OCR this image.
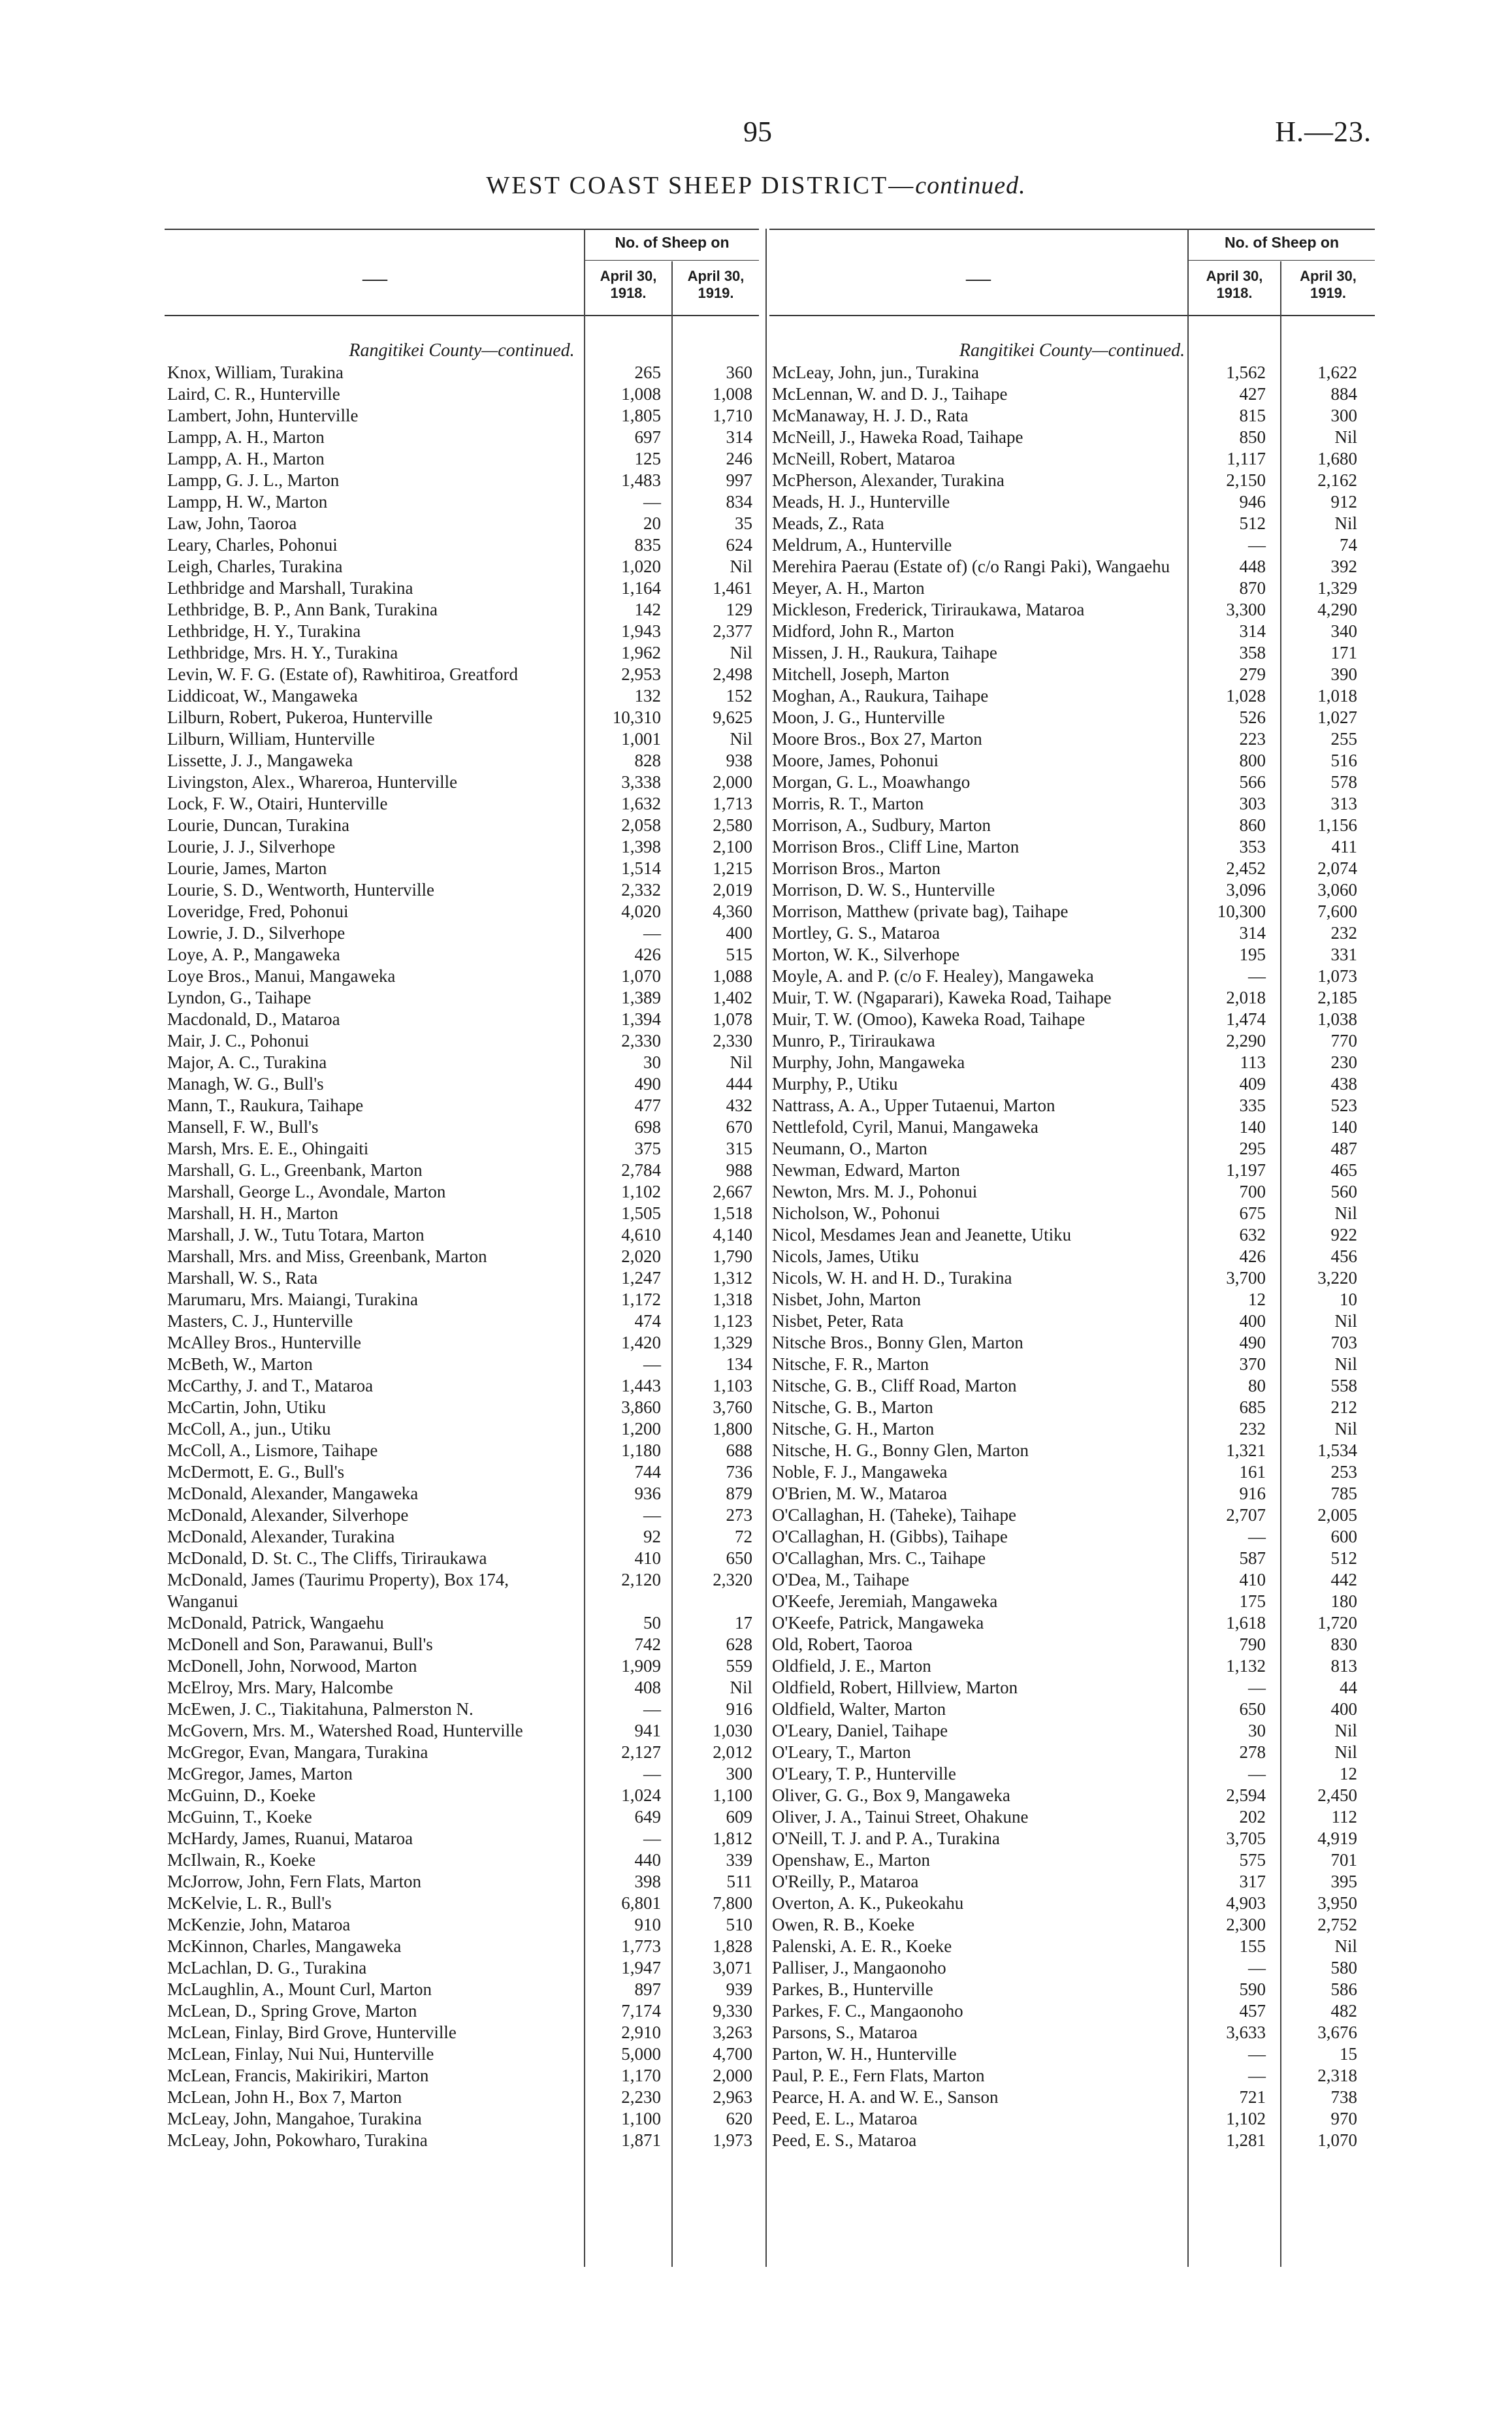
95	H.—23.
WEST COAST SHEEP DISTRICT—continued.
—
No. of Sheep on
April 30, 1918.
April 30, 1919.
Rangitikei County—continued.
Knox, William, Turakina	265	360
Laird, C. R., Hunterville	1,008	1,008
Lambert, John, Hunterville	1,805	1,710
Lampp, A. H., Marton	697	314
Lampp, A. H., Marton	125	246
Lampp, G. J. L., Marton	1,483	997
Lampp, H. W., Marton	—	834
Law, John, Taoroa	20	35
Leary, Charles, Pohonui	835	624
Leigh, Charles, Turakina	1,020	Nil
Lethbridge and Marshall, Turakina	1,164	1,461
Lethbridge, B. P., Ann Bank, Turakina	142	129
Lethbridge, H. Y., Turakina	1,943	2,377
Lethbridge, Mrs. H. Y., Turakina	1,962	Nil
Levin, W. F. G. (Estate of), Rawhitiroa, Greatford	2,953	2,498
Liddicoat, W., Mangaweka	132	152
Lilburn, Robert, Pukeroa, Hunterville	10,310	9,625
Lilburn, William, Hunterville	1,001	Nil
Lissette, J. J., Mangaweka	828	938
Livingston, Alex., Whareroa, Hunterville	3,338	2,000
Lock, F. W., Otairi, Hunterville	1,632	1,713
Lourie, Duncan, Turakina	2,058	2,580
Lourie, J. J., Silverhope	1,398	2,100
Lourie, James, Marton	1,514	1,215
Lourie, S. D., Wentworth, Hunterville	2,332	2,019
Loveridge, Fred, Pohonui	4,020	4,360
Lowrie, J. D., Silverhope	—	400
Loye, A. P., Mangaweka	426	515
Loye Bros., Manui, Mangaweka	1,070	1,088
Lyndon, G., Taihape	1,389	1,402
Macdonald, D., Mataroa	1,394	1,078
Mair, J. C., Pohonui	2,330	2,330
Major, A. C., Turakina	30	Nil
Managh, W. G., Bull's	490	444
Mann, T., Raukura, Taihape	477	432
Mansell, F. W., Bull's	698	670
Marsh, Mrs. E. E., Ohingaiti	375	315
Marshall, G. L., Greenbank, Marton	2,784	988
Marshall, George L., Avondale, Marton	1,102	2,667
Marshall, H. H., Marton	1,505	1,518
Marshall, J. W., Tutu Totara, Marton	4,610	4,140
Marshall, Mrs. and Miss, Greenbank, Marton	2,020	1,790
Marshall, W. S., Rata	1,247	1,312
Marumaru, Mrs. Maiangi, Turakina	1,172	1,318
Masters, C. J., Hunterville	474	1,123
McAlley Bros., Hunterville	1,420	1,329
McBeth, W., Marton	—	134
McCarthy, J. and T., Mataroa	1,443	1,103
McCartin, John, Utiku	3,860	3,760
McColl, A., jun., Utiku	1,200	1,800
McColl, A., Lismore, Taihape	1,180	688
McDermott, E. G., Bull's	744	736
McDonald, Alexander, Mangaweka	936	879
McDonald, Alexander, Silverhope	—	273
McDonald, Alexander, Turakina	92	72
McDonald, D. St. C., The Cliffs, Tiriraukawa	410	650
McDonald, James (Taurimu Property), Box 174, Wanganui
2,120	2,320
McDonald, Patrick, Wangaehu	50	17
McDonell and Son, Parawanui, Bull's	742	628
McDonell, John, Norwood, Marton	1,909	559
McElroy, Mrs. Mary, Halcombe	408	Nil
McEwen, J. C., Tiakitahuna, Palmerston N.	—	916
McGovern, Mrs. M., Watershed Road, Hunterville	941	1,030
McGregor, Evan, Mangara, Turakina	2,127	2,012
McGregor, James, Marton	—	300
McGuinn, D., Koeke	1,024	1,100
McGuinn, T., Koeke	649	609
McHardy, James, Ruanui, Mataroa	—	1,812
McIlwain, R., Koeke	440	339
McJorrow, John, Fern Flats, Marton	398	511
McKelvie, L. R., Bull's	6,801	7,800
McKenzie, John, Mataroa	910	510
McKinnon, Charles, Mangaweka	1,773	1,828
McLachlan, D. G., Turakina	1,947	3,071
McLaughlin, A., Mount Curl, Marton	897	939
McLean, D., Spring Grove, Marton	7,174	9,330
McLean, Finlay, Bird Grove, Hunterville	2,910	3,263
McLean, Finlay, Nui Nui, Hunterville	5,000	4,700
McLean, Francis, Makirikiri, Marton	1,170	2,000
McLean, John H., Box 7, Marton	2,230	2,963
McLeay, John, Mangahoe, Turakina	1,100	620
McLeay, John, Pokowharo, Turakina	1,871	1,973
—
No. of Sheep on
April 30, 1918.
April 30, 1919.
Rangitikei County—continued.
McLeay, John, jun., Turakina	1,562	1,622
McLennan, W. and D. J., Taihape	427	884
McManaway, H. J. D., Rata	815	300
McNeill, J., Haweka Road, Taihape	850	Nil
McNeill, Robert, Mataroa	1,117	1,680
McPherson, Alexander, Turakina	2,150	2,162
Meads, H. J., Hunterville	946	912
Meads, Z., Rata	512	Nil
Meldrum, A., Hunterville	—	74
Merehira Paerau (Estate of) (c/o Rangi Paki), Wangaehu	448	392
Meyer, A. H., Marton	870	1,329
Mickleson, Frederick, Tiriraukawa, Mataroa	3,300	4,290
Midford, John R., Marton	314	340
Missen, J. H., Raukura, Taihape	358	171
Mitchell, Joseph, Marton	279	390
Moghan, A., Raukura, Taihape	1,028	1,018
Moon, J. G., Hunterville	526	1,027
Moore Bros., Box 27, Marton	223	255
Moore, James, Pohonui	800	516
Morgan, G. L., Moawhango	566	578
Morris, R. T., Marton	303	313
Morrison, A., Sudbury, Marton	860	1,156
Morrison Bros., Cliff Line, Marton	353	411
Morrison Bros., Marton	2,452	2,074
Morrison, D. W. S., Hunterville	3,096	3,060
Morrison, Matthew (private bag), Taihape	10,300	7,600
Mortley, G. S., Mataroa	314	232
Morton, W. K., Silverhope	195	331
Moyle, A. and P. (c/o F. Healey), Mangaweka	—	1,073
Muir, T. W. (Ngaparari), Kaweka Road, Taihape	2,018	2,185
Muir, T. W. (Omoo), Kaweka Road, Taihape	1,474	1,038
Munro, P., Tiriraukawa	2,290	770
Murphy, John, Mangaweka	113	230
Murphy, P., Utiku	409	438
Nattrass, A. A., Upper Tutaenui, Marton	335	523
Nettlefold, Cyril, Manui, Mangaweka	140	140
Neumann, O., Marton	295	487
Newman, Edward, Marton	1,197	465
Newton, Mrs. M. J., Pohonui	700	560
Nicholson, W., Pohonui	675	Nil
Nicol, Mesdames Jean and Jeanette, Utiku	632	922
Nicols, James, Utiku	426	456
Nicols, W. H. and H. D., Turakina	3,700	3,220
Nisbet, John, Marton	12	10
Nisbet, Peter, Rata	400	Nil
Nitsche Bros., Bonny Glen, Marton	490	703
Nitsche, F. R., Marton	370	Nil
Nitsche, G. B., Cliff Road, Marton	80	558
Nitsche, G. B., Marton	685	212
Nitsche, G. H., Marton	232	Nil
Nitsche, H. G., Bonny Glen, Marton	1,321	1,534
Noble, F. J., Mangaweka	161	253
O'Brien, M. W., Mataroa	916	785
O'Callaghan, H. (Taheke), Taihape	2,707	2,005
O'Callaghan, H. (Gibbs), Taihape	—	600
O'Callaghan, Mrs. C., Taihape	587	512
O'Dea, M., Taihape	410	442
O'Keefe, Jeremiah, Mangaweka	175	180
O'Keefe, Patrick, Mangaweka	1,618	1,720
Old, Robert, Taoroa	790	830
Oldfield, J. E., Marton	1,132	813
Oldfield, Robert, Hillview, Marton	—	44
Oldfield, Walter, Marton	650	400
O'Leary, Daniel, Taihape	30	Nil
O'Leary, T., Marton	278	Nil
O'Leary, T. P., Hunterville	—	12
Oliver, G. G., Box 9, Mangaweka	2,594	2,450
Oliver, J. A., Tainui Street, Ohakune	202	112
O'Neill, T. J. and P. A., Turakina	3,705	4,919
Openshaw, E., Marton	575	701
O'Reilly, P., Mataroa	317	395
Overton, A. K., Pukeokahu	4,903	3,950
Owen, R. B., Koeke	2,300	2,752
Palenski, A. E. R., Koeke	155	Nil
Palliser, J., Mangaonoho	—	580
Parkes, B., Hunterville	590	586
Parkes, F. C., Mangaonoho	457	482
Parsons, S., Mataroa	3,633	3,676
Parton, W. H., Hunterville	—	15
Paul, P. E., Fern Flats, Marton	—	2,318
Pearce, H. A. and W. E., Sanson	721	738
Peed, E. L., Mataroa	1,102	970
Peed, E. S., Mataroa	1,281	1,070
